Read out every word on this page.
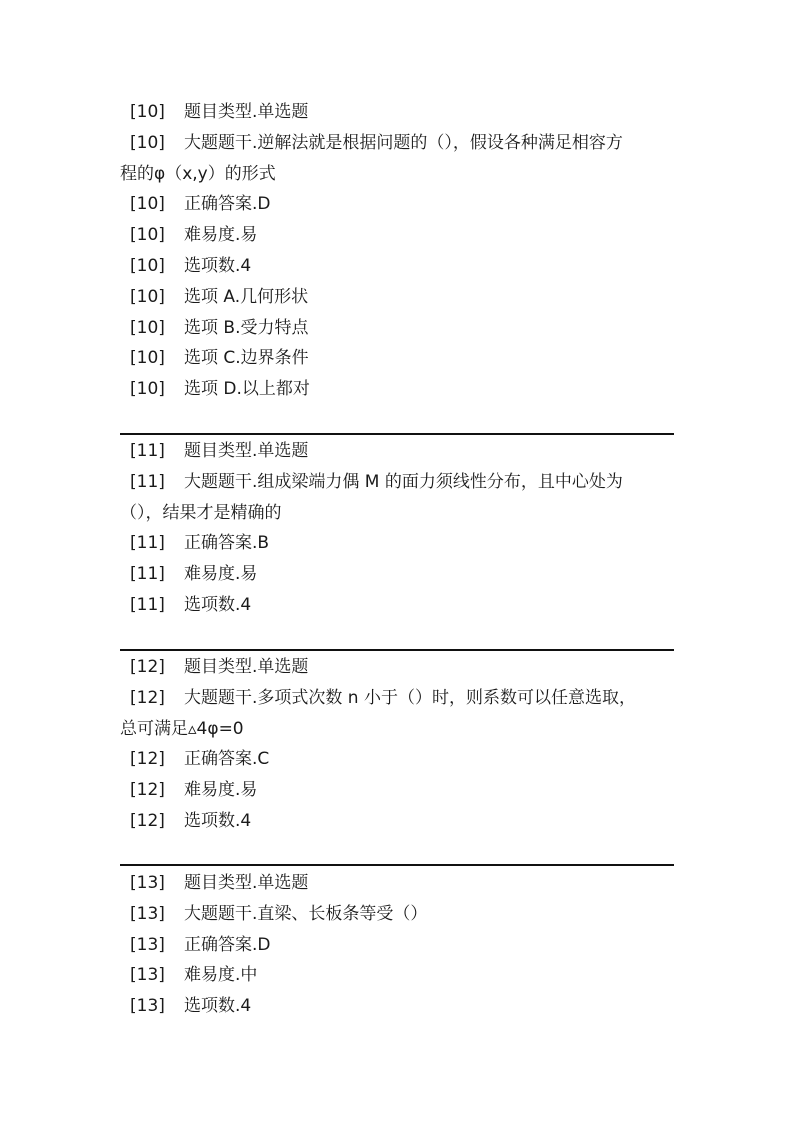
[10] 题目类型.单选题
[10] 大题题干.逆解法就是根据问题的（），假设各种满足相容方
程的φ（x,y）的形式
[10] 正确答案.D
[10] 难易度.易
[10] 选项数.4
[10] 选项 A.几何形状
[10] 选项 B.受力特点
[10] 选项 C.边界条件
[10] 选项 D.以上都对
[11] 题目类型.单选题
[11] 大题题干.组成梁端力偶 M 的面力须线性分布，且中心处为
（），结果才是精确的
[11] 正确答案.B
[11] 难易度.易
[11] 选项数.4
[12] 题目类型.单选题
[12] 大题题干.多项式次数 n 小于（）时，则系数可以任意选取，
总可满足▵4φ=0
[12] 正确答案.C
[12] 难易度.易
[12] 选项数.4
[13] 题目类型.单选题
[13] 大题题干.直梁、长板条等受（）
[13] 正确答案.D
[13] 难易度.中
[13] 选项数.4
